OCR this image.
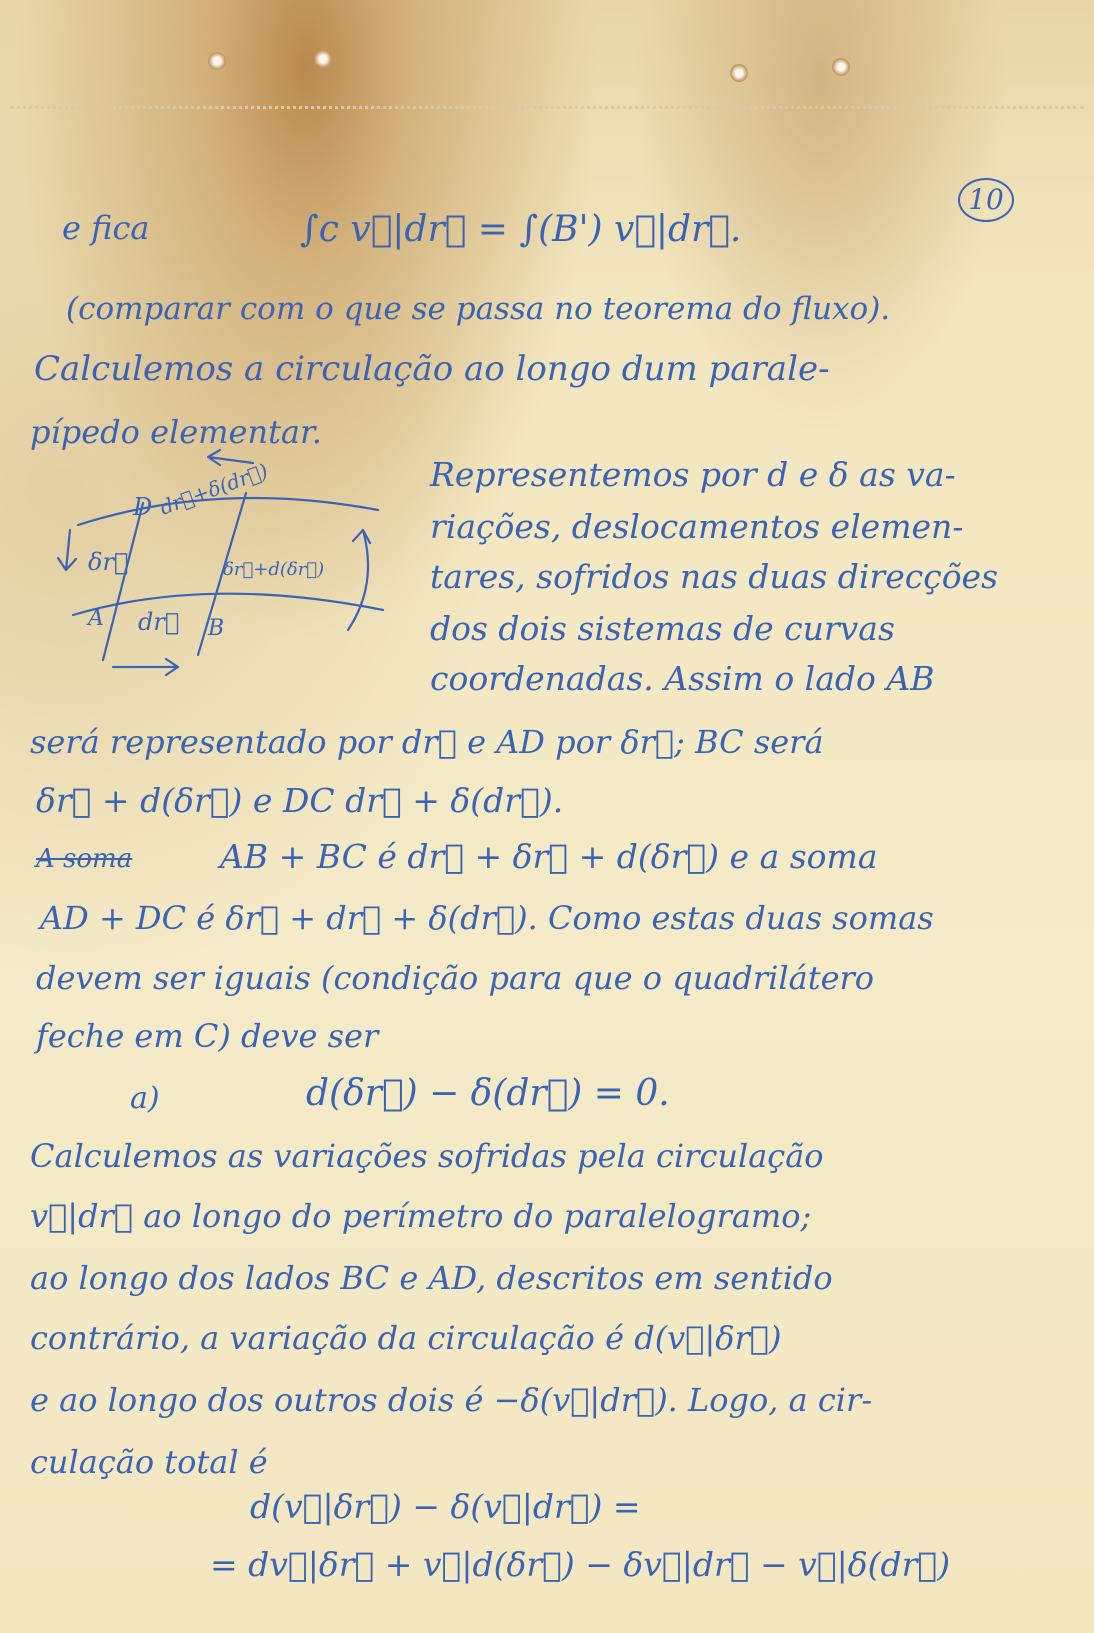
10

e fica	∫c v⃗|dr⃗ = ∫(B') v⃗|dr⃗.

(comparar com o que se passa no teorema do fluxo).

Calculemos a circulação ao longo dum parale-

pípedo elementar.

D
A	B
dr⃗+δ(dr⃗)
δr⃗	δr⃗+d(δr⃗)
dr⃗

Representemos por d e δ as va-

riações, deslocamentos elemen-

tares, sofridos nas duas direcções

dos dois sistemas de curvas

coordenadas. Assim o lado AB

será representado por dr⃗ e AD por δr⃗; BC será

δr⃗ + d(δr⃗) e DC dr⃗ + δ(dr⃗).

A soma	AB + BC é dr⃗ + δr⃗ + d(δr⃗) e a soma

AD + DC é δr⃗ + dr⃗ + δ(dr⃗). Como estas duas somas

devem ser iguais (condição para que o quadrilátero

feche em C) deve ser

a)	d(δr⃗) − δ(dr⃗) = 0.

Calculemos as variações sofridas pela circulação

v⃗|dr⃗ ao longo do perímetro do paralelogramo;

ao longo dos lados BC e AD, descritos em sentido

contrário, a variação da circulação é d(v⃗|δr⃗)

e ao longo dos outros dois é −δ(v⃗|dr⃗). Logo, a cir-

culação total é

d(v⃗|δr⃗) − δ(v⃗|dr⃗) =

= dv⃗|δr⃗ + v⃗|d(δr⃗) − δv⃗|dr⃗ − v⃗|δ(dr⃗)
